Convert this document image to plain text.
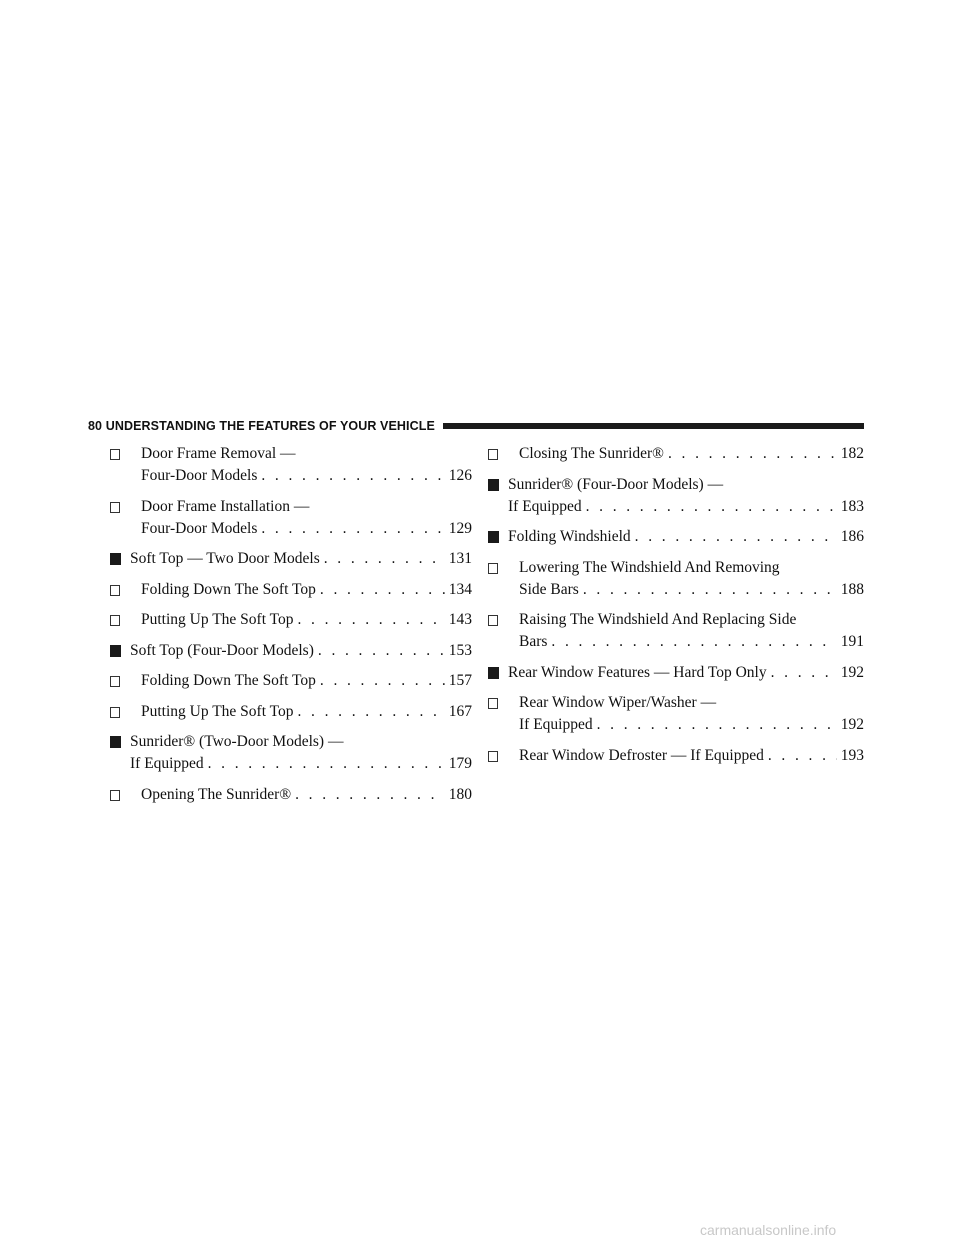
80 UNDERSTANDING THE FEATURES OF YOUR VEHICLE
Door Frame Removal —
Four-Door Models . . .	126
Door Frame Installation —
Four-Door Models . . .	129
Soft Top — Two Door Models . . .	131
Folding Down The Soft Top . . .	134
Putting Up The Soft Top . . .	143
Soft Top (Four-Door Models) . . .	153
Folding Down The Soft Top . . .	157
Putting Up The Soft Top . . .	167
Sunrider® (Two-Door Models) —
If Equipped . . .	179
Opening The Sunrider® . . .	180
Closing The Sunrider® . . .	182
Sunrider® (Four-Door Models) —
If Equipped . . .	183
Folding Windshield . . .	186
Lowering The Windshield And Removing
Side Bars . . .	188
Raising The Windshield And Replacing Side
Bars . . .	191
Rear Window Features — Hard Top Only . . .	192
Rear Window Wiper/Washer —
If Equipped . . .	192
Rear Window Defroster — If Equipped . . .	193
carmanualsonline.info
